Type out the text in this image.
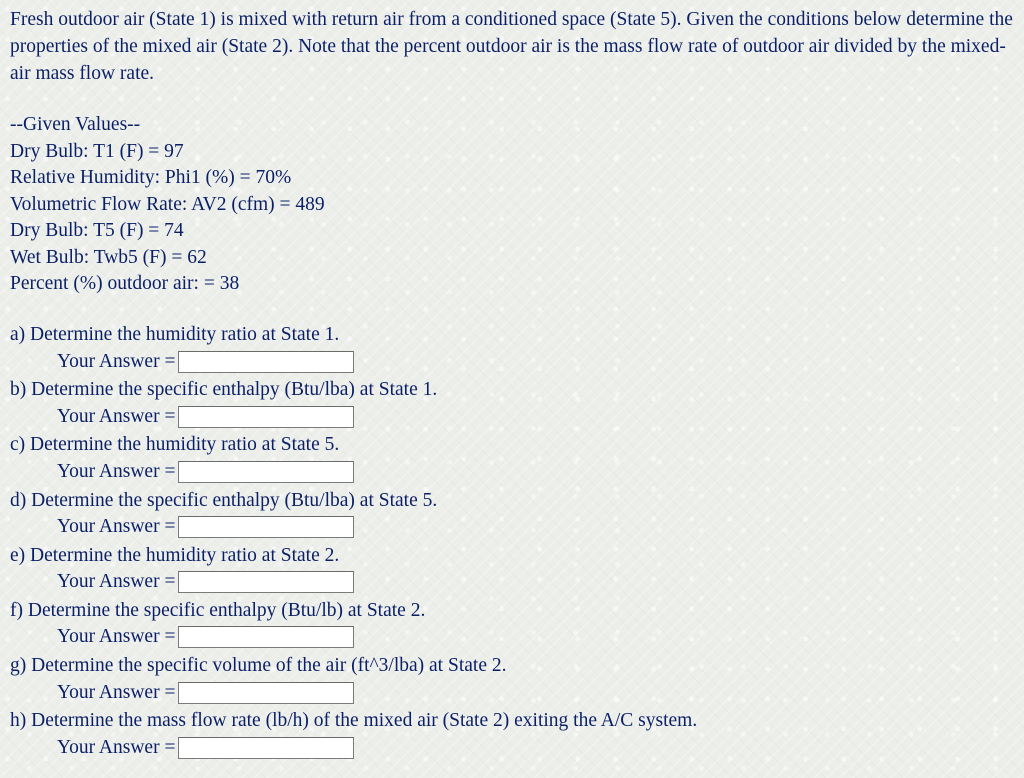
Fresh outdoor air (State 1) is mixed with return air from a conditioned space (State 5). Given the conditions below determine the properties of the mixed air (State 2). Note that the percent outdoor air is the mass flow rate of outdoor air divided by the mixed-air mass flow rate.
--Given Values--
Dry Bulb: T1 (F) = 97
Relative Humidity: Phi1 (%) = 70%
Volumetric Flow Rate: AV2 (cfm) = 489
Dry Bulb: T5 (F) = 74
Wet Bulb: Twb5 (F) = 62
Percent (%) outdoor air: = 38
a) Determine the humidity ratio at State 1.
Your Answer =
b) Determine the specific enthalpy (Btu/lba) at State 1.
Your Answer =
c) Determine the humidity ratio at State 5.
Your Answer =
d) Determine the specific enthalpy (Btu/lba) at State 5.
Your Answer =
e) Determine the humidity ratio at State 2.
Your Answer =
f) Determine the specific enthalpy (Btu/lb) at State 2.
Your Answer =
g) Determine the specific volume of the air (ft^3/lba) at State 2.
Your Answer =
h) Determine the mass flow rate (lb/h) of the mixed air (State 2) exiting the A/C system.
Your Answer =
